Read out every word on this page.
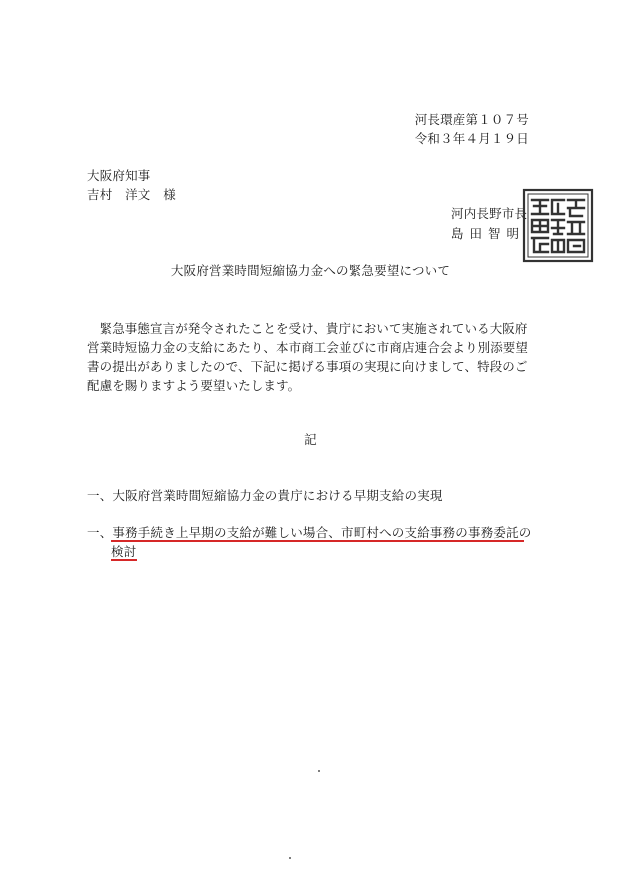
河長環産第１０７号
令和３年４月１９日
大阪府知事
吉村　洋文　様
河内長野市長
島田智明
大阪府営業時間短縮協力金への緊急要望について
　緊急事態宣言が発令されたことを受け、貴庁において実施されている大阪府
営業時短協力金の支給にあたり、本市商工会並びに市商店連合会より別添要望
書の提出がありましたので、下記に掲げる事項の実現に向けまして、特段のご
配慮を賜りますよう要望いたします。
記
一、大阪府営業時間短縮協力金の貴庁における早期支給の実現
一、事務手続き上早期の支給が難しい場合、市町村への支給事務の事務委託の
検討
